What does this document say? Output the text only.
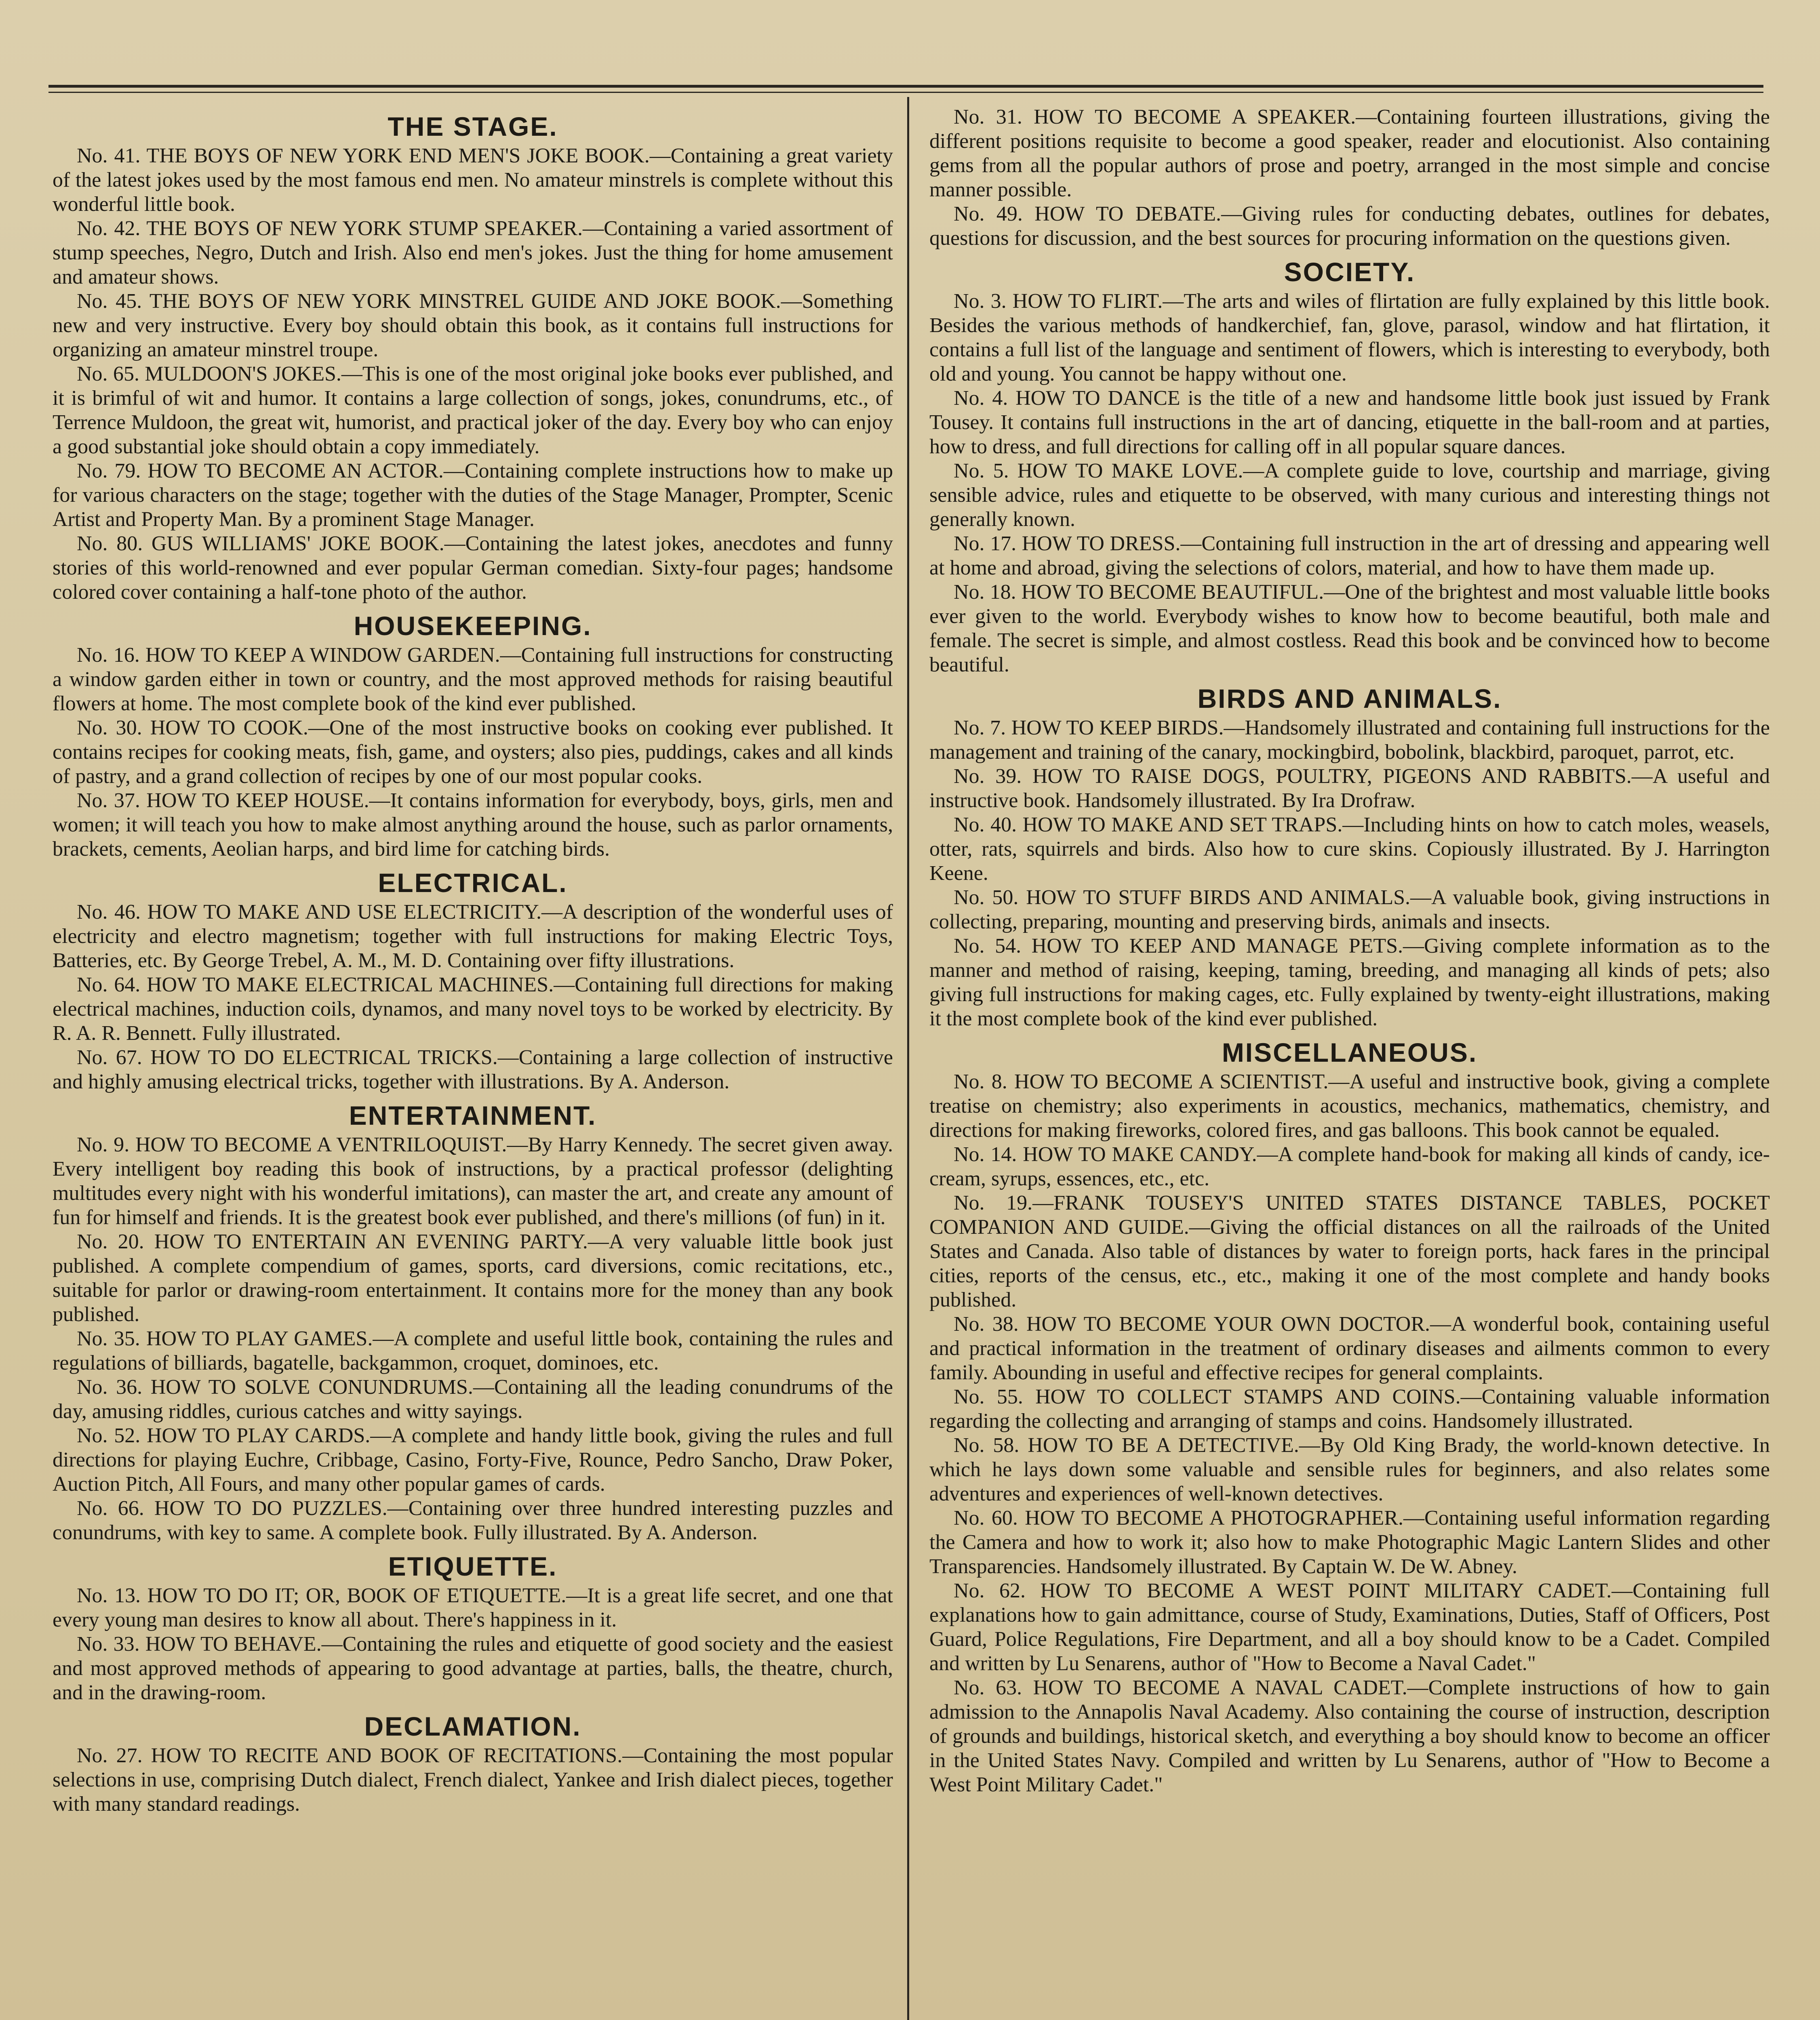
THE STAGE.
No. 41. THE BOYS OF NEW YORK END MEN'S JOKE BOOK.—Containing a great variety of the latest jokes used by the most famous end men. No amateur minstrels is complete without this wonderful little book.
No. 42. THE BOYS OF NEW YORK STUMP SPEAKER.—Containing a varied assortment of stump speeches, Negro, Dutch and Irish. Also end men's jokes. Just the thing for home amusement and amateur shows.
No. 45. THE BOYS OF NEW YORK MINSTREL GUIDE AND JOKE BOOK.—Something new and very instructive. Every boy should obtain this book, as it contains full instructions for organizing an amateur minstrel troupe.
No. 65. MULDOON'S JOKES.—This is one of the most original joke books ever published, and it is brimful of wit and humor. It contains a large collection of songs, jokes, conundrums, etc., of Terrence Muldoon, the great wit, humorist, and practical joker of the day. Every boy who can enjoy a good substantial joke should obtain a copy immediately.
No. 79. HOW TO BECOME AN ACTOR.—Containing complete instructions how to make up for various characters on the stage; together with the duties of the Stage Manager, Prompter, Scenic Artist and Property Man. By a prominent Stage Manager.
No. 80. GUS WILLIAMS' JOKE BOOK.—Containing the latest jokes, anecdotes and funny stories of this world-renowned and ever popular German comedian. Sixty-four pages; handsome colored cover containing a half-tone photo of the author.
HOUSEKEEPING.
No. 16. HOW TO KEEP A WINDOW GARDEN.—Containing full instructions for constructing a window garden either in town or country, and the most approved methods for raising beautiful flowers at home. The most complete book of the kind ever published.
No. 30. HOW TO COOK.—One of the most instructive books on cooking ever published. It contains recipes for cooking meats, fish, game, and oysters; also pies, puddings, cakes and all kinds of pastry, and a grand collection of recipes by one of our most popular cooks.
No. 37. HOW TO KEEP HOUSE.—It contains information for everybody, boys, girls, men and women; it will teach you how to make almost anything around the house, such as parlor ornaments, brackets, cements, Aeolian harps, and bird lime for catching birds.
ELECTRICAL.
No. 46. HOW TO MAKE AND USE ELECTRICITY.—A description of the wonderful uses of electricity and electro magnetism; together with full instructions for making Electric Toys, Batteries, etc. By George Trebel, A. M., M. D. Containing over fifty illustrations.
No. 64. HOW TO MAKE ELECTRICAL MACHINES.—Containing full directions for making electrical machines, induction coils, dynamos, and many novel toys to be worked by electricity. By R. A. R. Bennett. Fully illustrated.
No. 67. HOW TO DO ELECTRICAL TRICKS.—Containing a large collection of instructive and highly amusing electrical tricks, together with illustrations. By A. Anderson.
ENTERTAINMENT.
No. 9. HOW TO BECOME A VENTRILOQUIST.—By Harry Kennedy. The secret given away. Every intelligent boy reading this book of instructions, by a practical professor (delighting multitudes every night with his wonderful imitations), can master the art, and create any amount of fun for himself and friends. It is the greatest book ever published, and there's millions (of fun) in it.
No. 20. HOW TO ENTERTAIN AN EVENING PARTY.—A very valuable little book just published. A complete compendium of games, sports, card diversions, comic recitations, etc., suitable for parlor or drawing-room entertainment. It contains more for the money than any book published.
No. 35. HOW TO PLAY GAMES.—A complete and useful little book, containing the rules and regulations of billiards, bagatelle, backgammon, croquet, dominoes, etc.
No. 36. HOW TO SOLVE CONUNDRUMS.—Containing all the leading conundrums of the day, amusing riddles, curious catches and witty sayings.
No. 52. HOW TO PLAY CARDS.—A complete and handy little book, giving the rules and full directions for playing Euchre, Cribbage, Casino, Forty-Five, Rounce, Pedro Sancho, Draw Poker, Auction Pitch, All Fours, and many other popular games of cards.
No. 66. HOW TO DO PUZZLES.—Containing over three hundred interesting puzzles and conundrums, with key to same. A complete book. Fully illustrated. By A. Anderson.
ETIQUETTE.
No. 13. HOW TO DO IT; OR, BOOK OF ETIQUETTE.—It is a great life secret, and one that every young man desires to know all about. There's happiness in it.
No. 33. HOW TO BEHAVE.—Containing the rules and etiquette of good society and the easiest and most approved methods of appearing to good advantage at parties, balls, the theatre, church, and in the drawing-room.
DECLAMATION.
No. 27. HOW TO RECITE AND BOOK OF RECITATIONS.—Containing the most popular selections in use, comprising Dutch dialect, French dialect, Yankee and Irish dialect pieces, together with many standard readings.
No. 31. HOW TO BECOME A SPEAKER.—Containing fourteen illustrations, giving the different positions requisite to become a good speaker, reader and elocutionist. Also containing gems from all the popular authors of prose and poetry, arranged in the most simple and concise manner possible.
No. 49. HOW TO DEBATE.—Giving rules for conducting debates, outlines for debates, questions for discussion, and the best sources for procuring information on the questions given.
SOCIETY.
No. 3. HOW TO FLIRT.—The arts and wiles of flirtation are fully explained by this little book. Besides the various methods of handkerchief, fan, glove, parasol, window and hat flirtation, it contains a full list of the language and sentiment of flowers, which is interesting to everybody, both old and young. You cannot be happy without one.
No. 4. HOW TO DANCE is the title of a new and handsome little book just issued by Frank Tousey. It contains full instructions in the art of dancing, etiquette in the ball-room and at parties, how to dress, and full directions for calling off in all popular square dances.
No. 5. HOW TO MAKE LOVE.—A complete guide to love, courtship and marriage, giving sensible advice, rules and etiquette to be observed, with many curious and interesting things not generally known.
No. 17. HOW TO DRESS.—Containing full instruction in the art of dressing and appearing well at home and abroad, giving the selections of colors, material, and how to have them made up.
No. 18. HOW TO BECOME BEAUTIFUL.—One of the brightest and most valuable little books ever given to the world. Everybody wishes to know how to become beautiful, both male and female. The secret is simple, and almost costless. Read this book and be convinced how to become beautiful.
BIRDS AND ANIMALS.
No. 7. HOW TO KEEP BIRDS.—Handsomely illustrated and containing full instructions for the management and training of the canary, mockingbird, bobolink, blackbird, paroquet, parrot, etc.
No. 39. HOW TO RAISE DOGS, POULTRY, PIGEONS AND RABBITS.—A useful and instructive book. Handsomely illustrated. By Ira Drofraw.
No. 40. HOW TO MAKE AND SET TRAPS.—Including hints on how to catch moles, weasels, otter, rats, squirrels and birds. Also how to cure skins. Copiously illustrated. By J. Harrington Keene.
No. 50. HOW TO STUFF BIRDS AND ANIMALS.—A valuable book, giving instructions in collecting, preparing, mounting and preserving birds, animals and insects.
No. 54. HOW TO KEEP AND MANAGE PETS.—Giving complete information as to the manner and method of raising, keeping, taming, breeding, and managing all kinds of pets; also giving full instructions for making cages, etc. Fully explained by twenty-eight illustrations, making it the most complete book of the kind ever published.
MISCELLANEOUS.
No. 8. HOW TO BECOME A SCIENTIST.—A useful and instructive book, giving a complete treatise on chemistry; also experiments in acoustics, mechanics, mathematics, chemistry, and directions for making fireworks, colored fires, and gas balloons. This book cannot be equaled.
No. 14. HOW TO MAKE CANDY.—A complete hand-book for making all kinds of candy, ice-cream, syrups, essences, etc., etc.
No. 19.—FRANK TOUSEY'S UNITED STATES DISTANCE TABLES, POCKET COMPANION AND GUIDE.—Giving the official distances on all the railroads of the United States and Canada. Also table of distances by water to foreign ports, hack fares in the principal cities, reports of the census, etc., etc., making it one of the most complete and handy books published.
No. 38. HOW TO BECOME YOUR OWN DOCTOR.—A wonderful book, containing useful and practical information in the treatment of ordinary diseases and ailments common to every family. Abounding in useful and effective recipes for general complaints.
No. 55. HOW TO COLLECT STAMPS AND COINS.—Containing valuable information regarding the collecting and arranging of stamps and coins. Handsomely illustrated.
No. 58. HOW TO BE A DETECTIVE.—By Old King Brady, the world-known detective. In which he lays down some valuable and sensible rules for beginners, and also relates some adventures and experiences of well-known detectives.
No. 60. HOW TO BECOME A PHOTOGRAPHER.—Containing useful information regarding the Camera and how to work it; also how to make Photographic Magic Lantern Slides and other Transparencies. Handsomely illustrated. By Captain W. De W. Abney.
No. 62. HOW TO BECOME A WEST POINT MILITARY CADET.—Containing full explanations how to gain admittance, course of Study, Examinations, Duties, Staff of Officers, Post Guard, Police Regulations, Fire Department, and all a boy should know to be a Cadet. Compiled and written by Lu Senarens, author of "How to Become a Naval Cadet."
No. 63. HOW TO BECOME A NAVAL CADET.—Complete instructions of how to gain admission to the Annapolis Naval Academy. Also containing the course of instruction, description of grounds and buildings, historical sketch, and everything a boy should know to become an officer in the United States Navy. Compiled and written by Lu Senarens, author of "How to Become a West Point Military Cadet."
